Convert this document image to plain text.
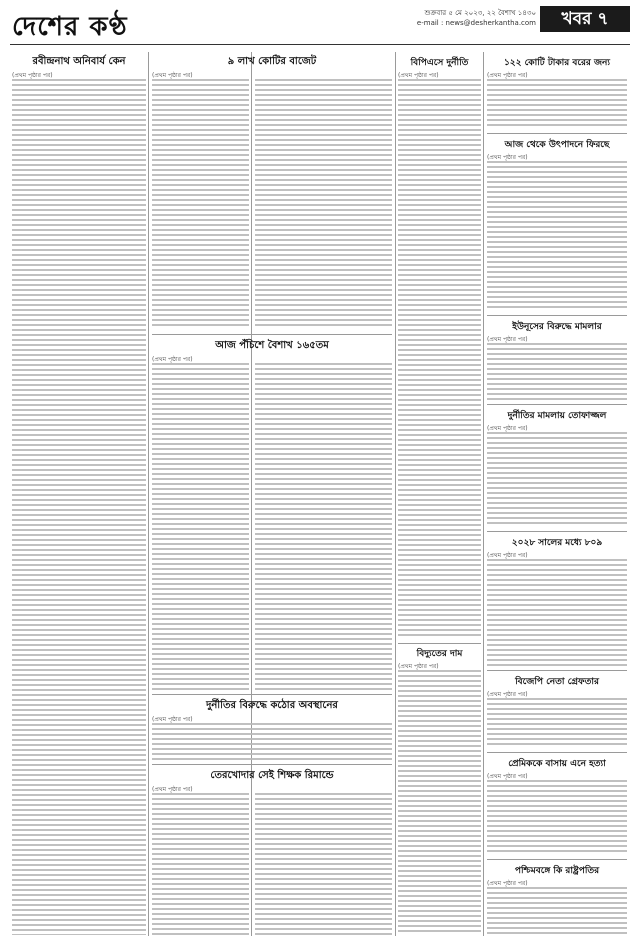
দেশের কণ্ঠ	শুক্রবার ৫ মে ২০২৩, ২২ বৈশাখ ১৪৩০
e-mail : news@desherkantha.com	খবর ৭
রবীন্দ্রনাথ অনিবার্য কেন
(প্রথম পৃষ্ঠার পর)
৯ লাখ কোটির বাজেট
(প্রথম পৃষ্ঠার পর)
আজ পঁচিশে বৈশাখ ১৬৫তম
(প্রথম পৃষ্ঠার পর)
দুর্নীতির বিরুদ্ধে কঠোর অবস্থানের
(প্রথম পৃষ্ঠার পর)
তেরখোদার সেই শিক্ষক রিমান্ডে
(প্রথম পৃষ্ঠার পর)
বিপিএসে দুর্নীতি
(প্রথম পৃষ্ঠার পর)
বিদ্যুতের দাম
(প্রথম পৃষ্ঠার পর)
১২২ কোটি টাকার বরের জন্য
(প্রথম পৃষ্ঠার পর)
আজ থেকে উৎপাদনে ফিরছে
(প্রথম পৃষ্ঠার পর)
ইউনূসের বিরুদ্ধে মামলার
(প্রথম পৃষ্ঠার পর)
দুর্নীতির মামলায় তোফাজ্জল
(প্রথম পৃষ্ঠার পর)
২০২৮ সালের মধ্যে ৮০৯
(প্রথম পৃষ্ঠার পর)
বিজেপি নেতা গ্রেফতার
(প্রথম পৃষ্ঠার পর)
প্রেমিককে বাসায় এনে হত্যা
(প্রথম পৃষ্ঠার পর)
পশ্চিমবঙ্গে কি রাষ্ট্রপতির
(প্রথম পৃষ্ঠার পর)
